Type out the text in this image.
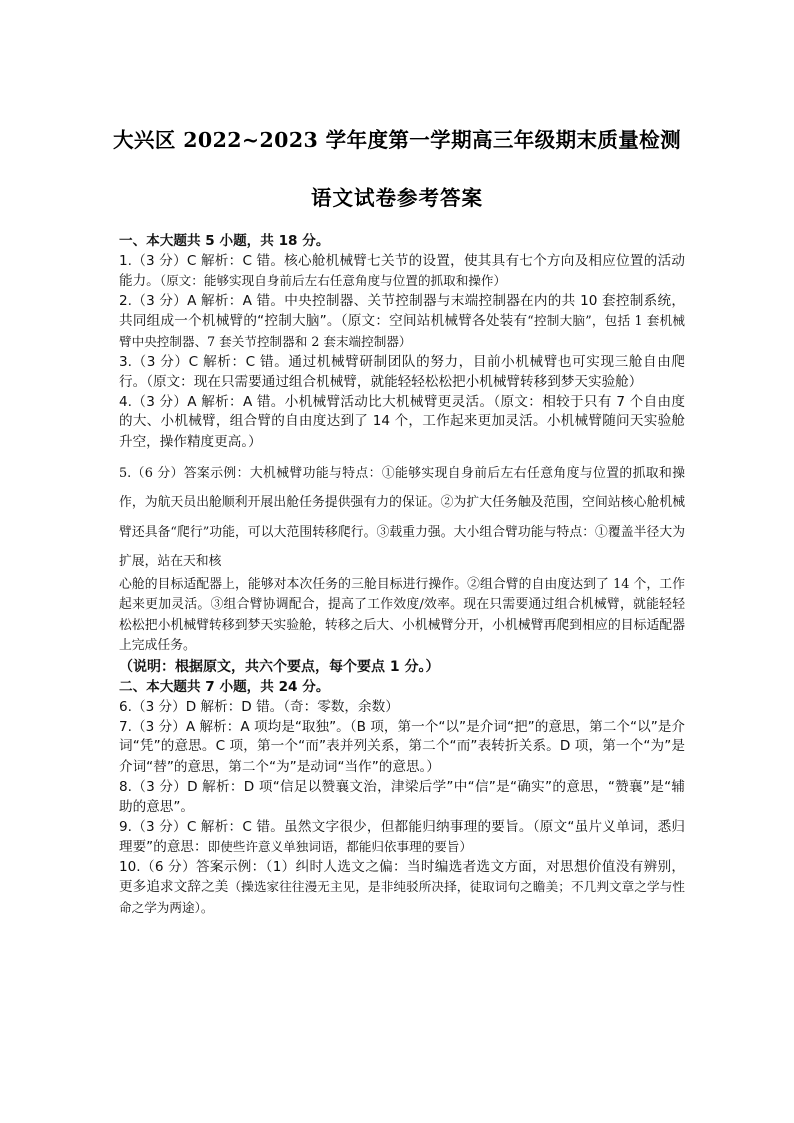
大兴区 2022~2023 学年度第一学期高三年级期末质量检测
语文试卷参考答案

一、本大题共 5 小题，共 18 分。

1.（3 分）C 解析：C 错。核心舱机械臂七关节的设置，使其具有七个方向及相应位置的活动能力。（原文：能够实现自身前后左右任意角度与位置的抓取和操作）

2.（3 分）A 解析：A 错。中央控制器、关节控制器与末端控制器在内的共 10 套控制系统，共同组成一个机械臂的“控制大脑”。（原文：空间站机械臂各处装有“控制大脑”，包括 1 套机械臂中央控制器、7 套关节控制器和 2 套末端控制器）

3.（3 分）C 解析：C 错。通过机械臂研制团队的努力，目前小机械臂也可实现三舱自由爬行。（原文：现在只需要通过组合机械臂，就能轻轻松松把小机械臂转移到梦天实验舱）

4.（3 分）A 解析：A 错。小机械臂活动比大机械臂更灵活。（原文：相较于只有 7 个自由度的大、小机械臂，组合臂的自由度达到了 14 个，工作起来更加灵活。小机械臂随问天实验舱升空，操作精度更高。）

5.（6 分）答案示例：大机械臂功能与特点：①能够实现自身前后左右任意角度与位置的抓取和操作，为航天员出舱顺利开展出舱任务提供强有力的保证。②为扩大任务触及范围，空间站核心舱机械臂还具备“爬行”功能，可以大范围转移爬行。③载重力强。大小组合臂功能与特点：①覆盖半径大为扩展，站在天和核

心舱的目标适配器上，能够对本次任务的三舱目标进行操作。②组合臂的自由度达到了 14 个，工作起来更加灵活。③组合臂协调配合，提高了工作效度/效率。现在只需要通过组合机械臂，就能轻轻松松把小机械臂转移到梦天实验舱，转移之后大、小机械臂分开，小机械臂再爬到相应的目标适配器上完成任务。

（说明：根据原文，共六个要点，每个要点 1 分。）

二、本大题共 7 小题，共 24 分。

6.（3 分）D 解析：D 错。（奇：零数，余数）

7.（3 分）A 解析：A 项均是“取独”。（B 项，第一个“以”是介词“把”的意思，第二个“以”是介词“凭”的意思。C 项，第一个“而”表并列关系，第二个“而”表转折关系。D 项，第一个“为”是介词“替”的意思，第二个“为”是动词“当作”的意思。）

8.（3 分）D 解析：D 项“信足以赞襄文治，津梁后学”中“信”是“确实”的意思，“赞襄”是“辅助的意思”。

9.（3 分）C 解析：C 错。虽然文字很少，但都能归纳事理的要旨。（原文“虽片义单词，悉归理要”的意思：即使些许意义单独词语，都能归依事理的要旨）

10.（6 分）答案示例：（1）纠时人选文之偏：当时编选者选文方面，对思想价值没有辨别，更多追求文辞之美（操选家往往漫无主见，是非纯驳所决择，徒取词句之瞻美；不几判文章之学与性命之学为两途）。
